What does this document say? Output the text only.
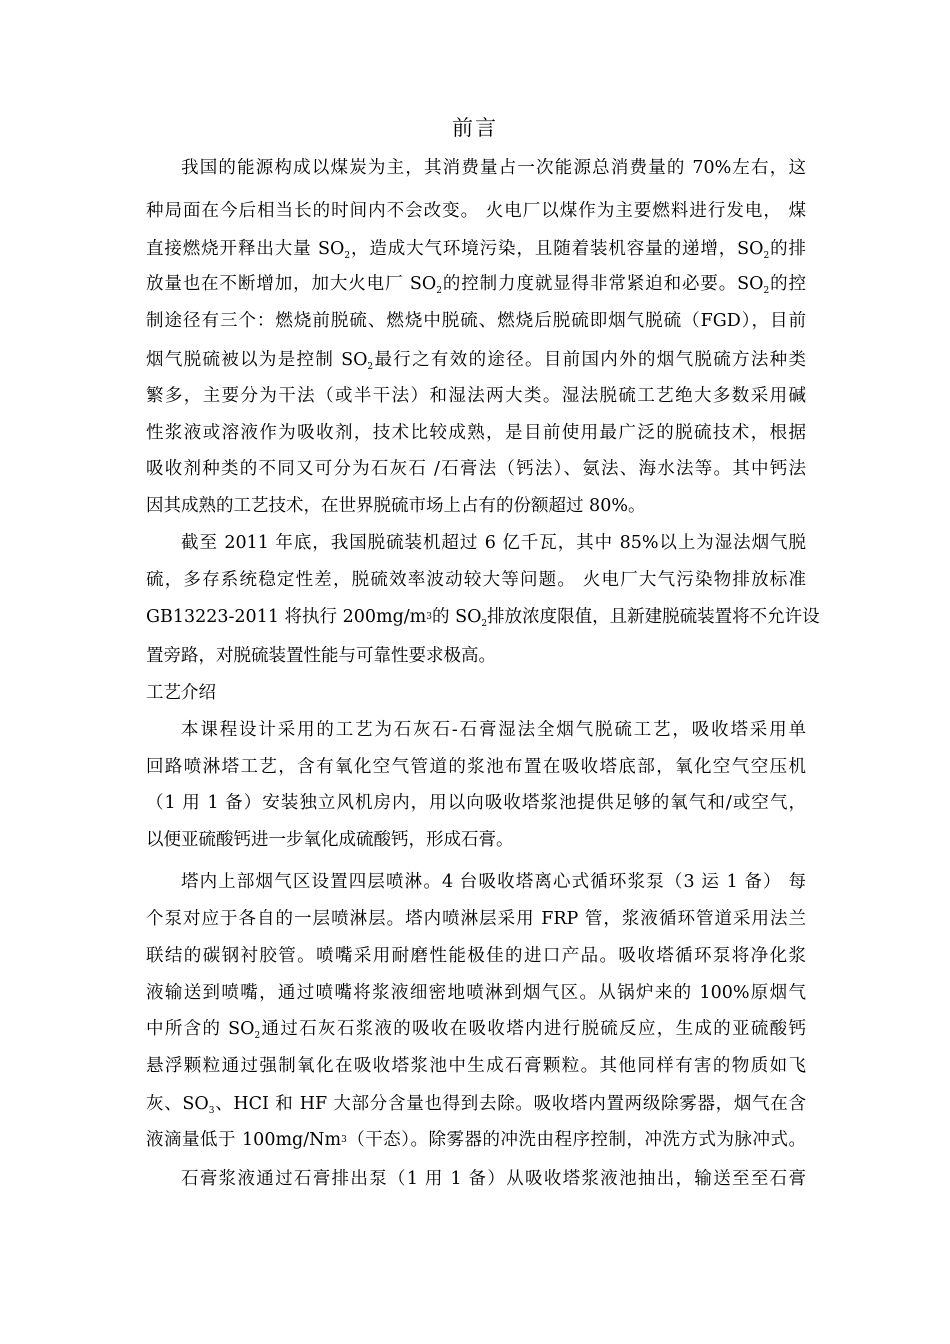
前言
我国的能源构成以煤炭为主，其消费量占一次能源总消费量的 70%左右，这
种局面在今后相当长的时间内不会改变。 火电厂以煤作为主要燃料进行发电， 煤
直接燃烧开释出大量 $SO_2$，造成大气环境污染，且随着装机容量的递增，$SO_2$的排
放量也在不断增加，加大火电厂 $SO_2$的控制力度就显得非常紧迫和必要。$SO_2$的控
制途径有三个：燃烧前脱硫、燃烧中脱硫、燃烧后脱硫即烟气脱硫（FGD），目前
烟气脱硫被以为是控制 $SO_2$最行之有效的途径。目前国内外的烟气脱硫方法种类
繁多，主要分为干法（或半干法）和湿法两大类。湿法脱硫工艺绝大多数采用碱
性浆液或溶液作为吸收剂，技术比较成熟，是目前使用最广泛的脱硫技术，根据
吸收剂种类的不同又可分为石灰石 /石膏法（钙法）、氨法、海水法等。其中钙法
因其成熟的工艺技术，在世界脱硫市场上占有的份额超过 80%。
截至 2011 年底，我国脱硫装机超过 6 亿千瓦，其中 85%以上为湿法烟气脱
硫，多存系统稳定性差，脱硫效率波动较大等问题。 火电厂大气污染物排放标准
GB13223-2011 将执行 $200mg/m^3$的 $SO_2$排放浓度限值，且新建脱硫装置将不允许设
置旁路，对脱硫装置性能与可靠性要求极高。
工艺介绍
本课程设计采用的工艺为石灰石-石膏湿法全烟气脱硫工艺，吸收塔采用单
回路喷淋塔工艺，含有氧化空气管道的浆池布置在吸收塔底部，氧化空气空压机
（1 用 1 备）安装独立风机房内，用以向吸收塔浆池提供足够的氧气和/或空气，
以便亚硫酸钙进一步氧化成硫酸钙，形成石膏。
塔内上部烟气区设置四层喷淋。4 台吸收塔离心式循环浆泵（3 运 1 备） 每
个泵对应于各自的一层喷淋层。塔内喷淋层采用 FRP 管，浆液循环管道采用法兰
联结的碳钢衬胶管。喷嘴采用耐磨性能极佳的进口产品。吸收塔循环泵将净化浆
液输送到喷嘴，通过喷嘴将浆液细密地喷淋到烟气区。从锅炉来的 100%原烟气
中所含的 $SO_2$通过石灰石浆液的吸收在吸收塔内进行脱硫反应，生成的亚硫酸钙
悬浮颗粒通过强制氧化在吸收塔浆池中生成石膏颗粒。其他同样有害的物质如飞
灰、$SO_3$、HCI 和 HF 大部分含量也得到去除。吸收塔内置两级除雾器，烟气在含
液滴量低于 100mg/Nm$^3$（干态）。除雾器的冲洗由程序控制，冲洗方式为脉冲式。
石膏浆液通过石膏排出泵（1 用 1 备）从吸收塔浆液池抽出，输送至至石膏
